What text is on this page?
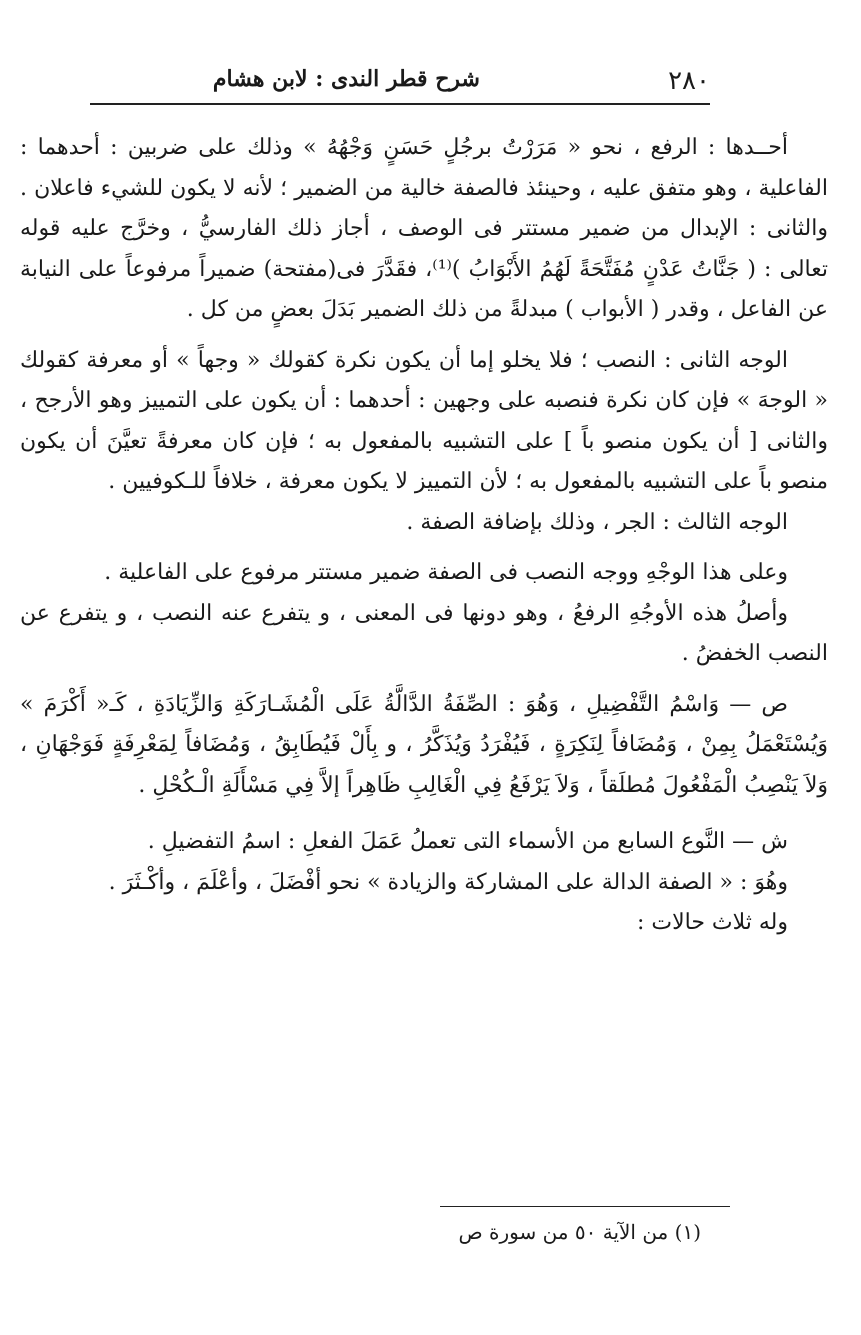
٢٨٠
شرح قطر الندى : لابن هشام

أحــدها : الرفع ، نحو « مَرَرْتُ برجُلٍ حَسَنٍ وَجْهُهُ » وذلك على ضربين : أحدهما : الفاعلية ، وهو متفق عليه ، وحينئذ فالصفة خالية من الضمير ؛ لأنه لا يكون للشيء فاعلان . والثانى : الإبدال من ضمير مستتر فى الوصف ، أجاز ذلك الفارسيُّ ، وخرَّج عليه قوله تعالى : ( جَنَّاتُ عَدْنٍ مُفَتَّحَةً لَهُمُ الأَبْوَابُ )⁽¹⁾، فقَدَّرَ فى(مفتحة) ضميراً مرفوعاً على النيابة عن الفاعل ، وقدر ( الأبواب ) مبدلةً من ذلك الضمير بَدَلَ بعضٍ من كل .

الوجه الثانى : النصب ؛ فلا يخلو إما أن يكون نكرة كقولك « وجهاً » أو معرفة كقولك « الوجهَ » فإن كان نكرة فنصبه على وجهين : أحدهما : أن يكون على التمييز وهو الأرجح ، والثانى [ أن يكون منصو باً ] على التشبيه بالمفعول به ؛ فإن كان معرفةً تعيَّنَ أن يكون منصو باً على التشبيه بالمفعول به ؛ لأن التمييز لا يكون معرفة ، خلافاً للـكوفيين .

الوجه الثالث : الجر ، وذلك بإضافة الصفة .

وعلى هذا الوجْهِ ووجه النصب فى الصفة ضمير مستتر مرفوع على الفاعلية .

وأصلُ هذه الأوجُهِ الرفعُ ، وهو دونها فى المعنى ، و يتفرع عنه النصب ، و يتفرع عن النصب الخفضُ .

ص — وَاسْمُ التَّفْضِيلِ ، وَهُوَ : الصِّفَةُ الدَّالَّةُ عَلَى الْمُشَـارَكَةِ وَالزِّيَادَةِ ، كَـ« أَكْرَمَ » وَيُسْتَعْمَلُ بِمِنْ ، وَمُضَافاً لِنَكِرَةٍ ، فَيُفْرَدُ وَيُذَكَّرُ ، و بِأَلْ فَيُطَابِقُ ، وَمُضَافاً لِمَعْرِفَةٍ فَوَجْهَانِ ، وَلاَ يَنْصِبُ الْمَفْعُولَ مُطلَقاً ، وَلاَ يَرْفَعُ فِي الْغَالِبِ ظَاهِراً إلاَّ فِي مَسْأَلَةِ الْـكُحْلِ .

ش — النَّوع السابع من الأسماء التى تعملُ عَمَلَ الفعلِ : اسمُ التفضيلِ .

وهُوَ : « الصفة الدالة على المشاركة والزيادة » نحو أفْضَلَ ، وأعْلَمَ ، وأكْـثَرَ .

وله ثلاث حالات :

(١) من الآية ٥٠ من سورة ص
